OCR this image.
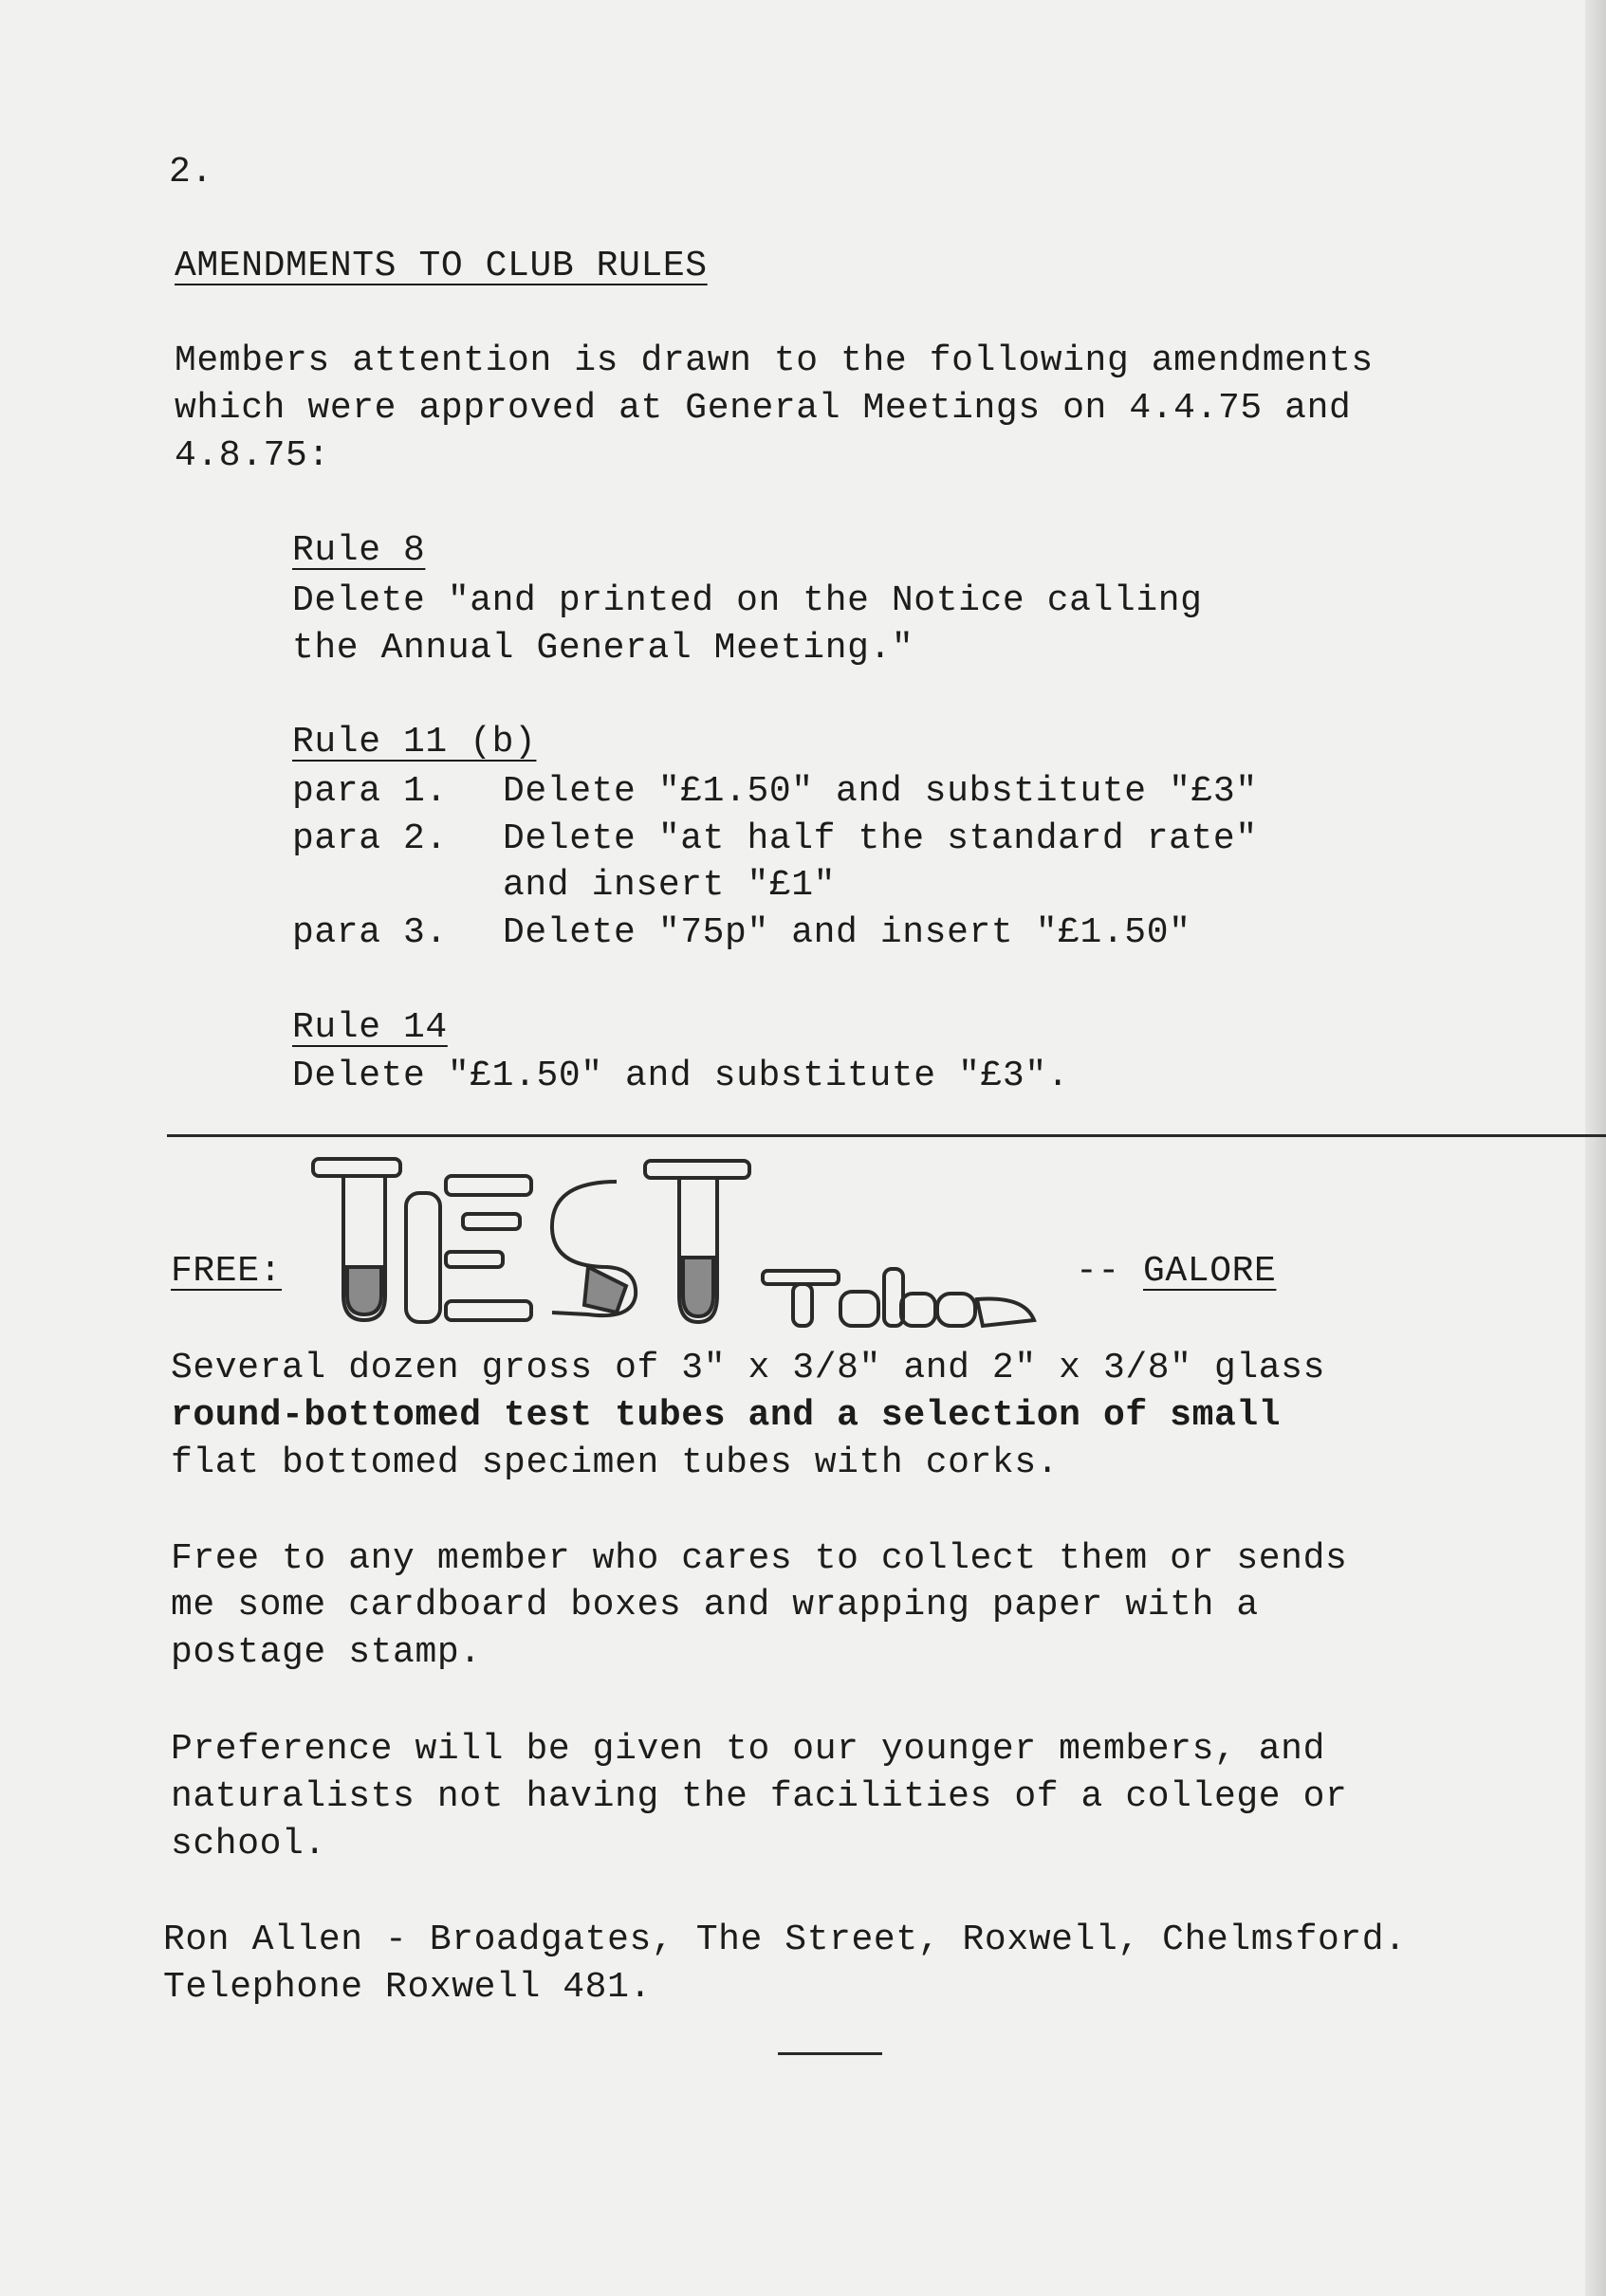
2.
AMENDMENTS TO CLUB RULES
Members attention is drawn to the following amendments
which were approved at General Meetings on 4.4.75 and
4.8.75:
Rule 8
Delete "and printed on the Notice calling
the Annual General Meeting."
Rule 11 (b)
para 1. Delete "£1.50" and substitute "£3"
para 2. Delete "at half the standard rate"
and insert "£1"
para 3. Delete "75p" and insert "£1.50"
Rule 14
Delete "£1.50" and substitute "£3".
FREE:	-- GALORE
Several dozen gross of 3" x 3/8" and 2" x 3/8" glass
round-bottomed test tubes and a selection of small
flat bottomed specimen tubes with corks.
Free to any member who cares to collect them or sends
me some cardboard boxes and wrapping paper with a
postage stamp.
Preference will be given to our younger members, and
naturalists not having the facilities of a college or
school.
Ron Allen - Broadgates, The Street, Roxwell, Chelmsford.
Telephone Roxwell 481.
